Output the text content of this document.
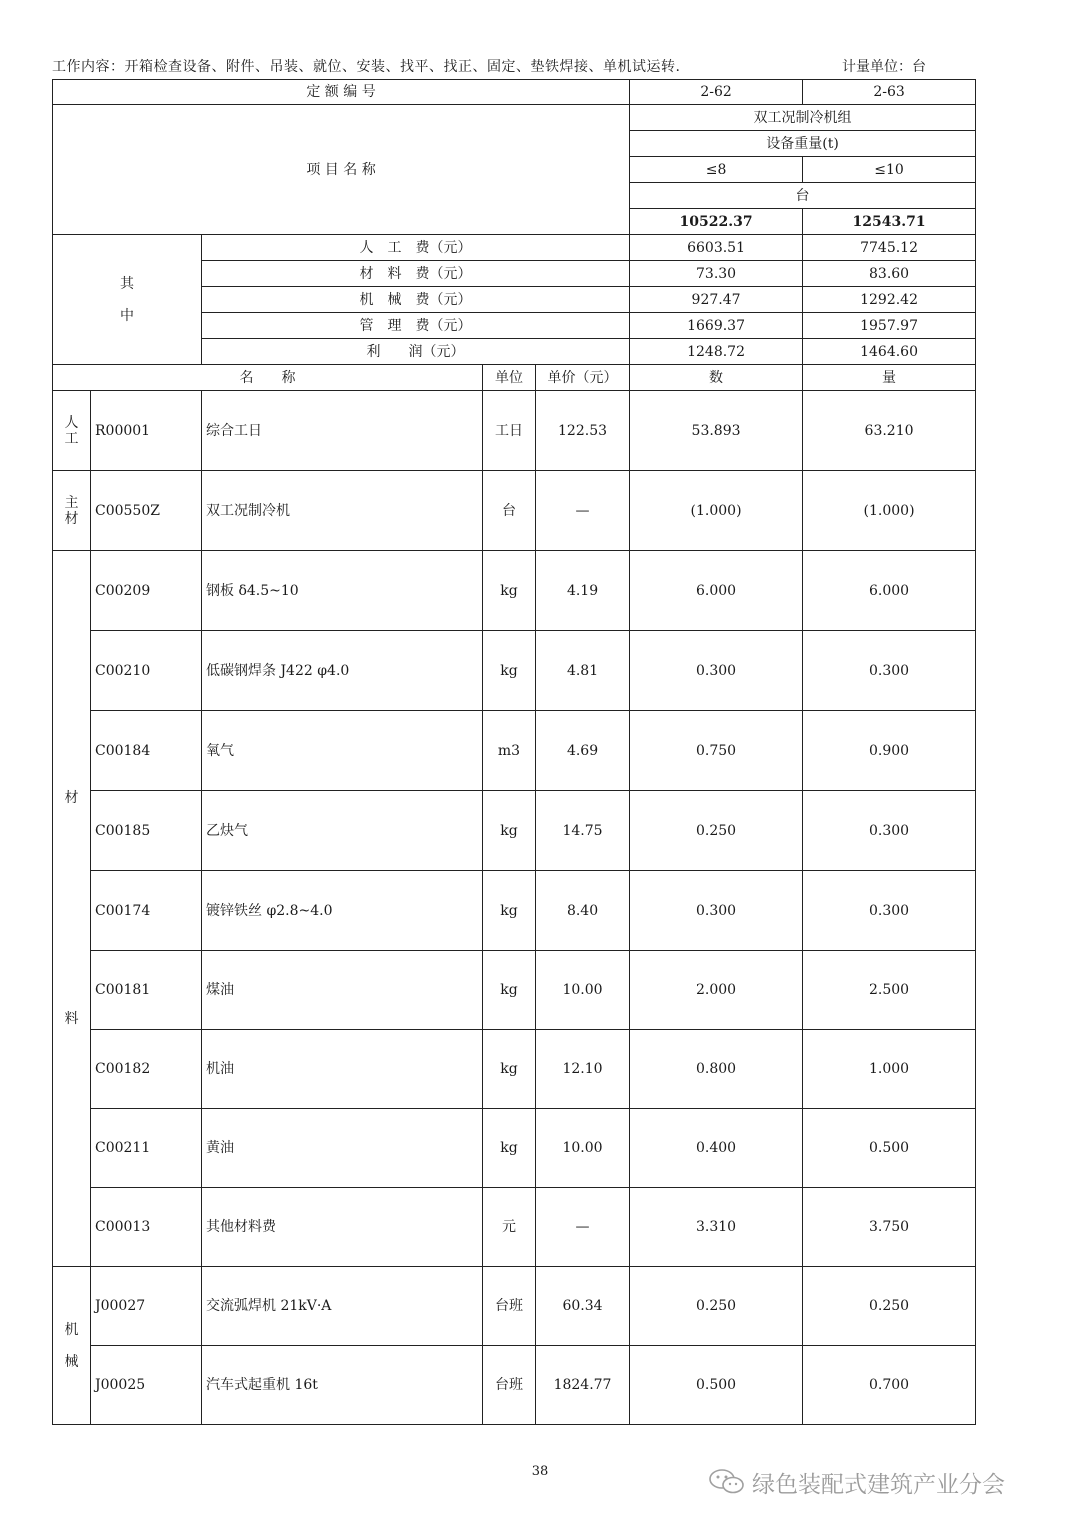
工作内容：开箱检查设备、附件、吊装、就位、安装、找平、找正、固定、垫铁焊接、单机试运转.	计量单位：台
定 额 编 号					2-62	2-63
项 目 名 称					双工况制冷机组	
					设备重量(t)	
					≤8	≤10
					台	
					10522.37	12543.71
其

中		人　工　费（元）			6603.51	7745.12
		材　料　费（元）			73.30	83.60
		机　械　费（元）			927.47	1292.42
		管　理　费（元）			1669.37	1957.97
		利　　润（元）			1248.72	1464.60
名　　称			单位	单价（元）	数	量
人
工	R00001	综合工日	工日	122.53	53.893	63.210
主
材	C00550Z	双工况制冷机	台	—	(1.000)	(1.000)
材
料	C00209	钢板 δ4.5~10	kg	4.19	6.000	6.000
	C00210	低碳钢焊条 J422 φ4.0	kg	4.81	0.300	0.300
	C00184	氧气	m3	4.69	0.750	0.900
	C00185	乙炔气	kg	14.75	0.250	0.300
	C00174	镀锌铁丝 φ2.8~4.0	kg	8.40	0.300	0.300
	C00181	煤油	kg	10.00	2.000	2.500
	C00182	机油	kg	12.10	0.800	1.000
	C00211	黄油	kg	10.00	0.400	0.500
	C00013	其他材料费	元	—	3.310	3.750
机

械	J00027	交流弧焊机 21kV·A	台班	60.34	0.250	0.250
	J00025	汽车式起重机 16t	台班	1824.77	0.500	0.700
38
绿色装配式建筑产业分会
